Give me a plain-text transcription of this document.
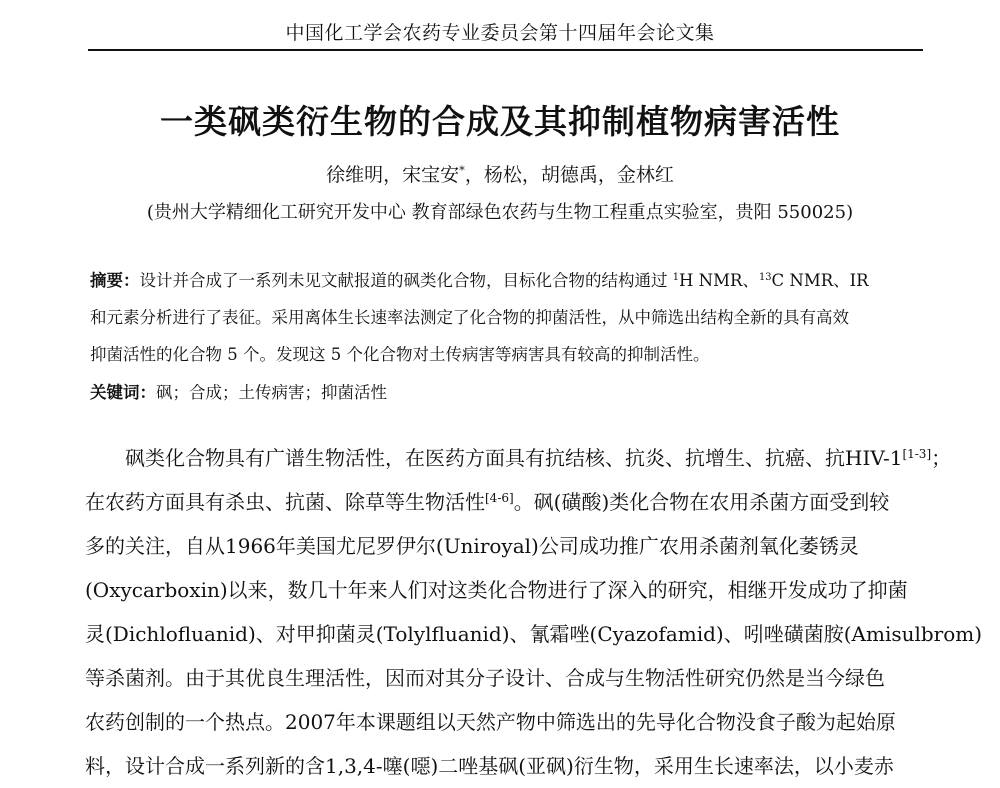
中国化工学会农药专业委员会第十四届年会论文集
一类砜类衍生物的合成及其抑制植物病害活性
徐维明，宋宝安*，杨松，胡德禹，金林红
(贵州大学精细化工研究开发中心 教育部绿色农药与生物工程重点实验室，贵阳 550025)
摘要：设计并合成了一系列未见文献报道的砜类化合物，目标化合物的结构通过 $^1$H NMR、$^{13}$C NMR、IR
和元素分析进行了表征。采用离体生长速率法测定了化合物的抑菌活性，从中筛选出结构全新的具有高效
抑菌活性的化合物 5 个。发现这 5 个化合物对土传病害等病害具有较高的抑制活性。
关键词：砜；合成；土传病害；抑菌活性
砜类化合物具有广谱生物活性，在医药方面具有抗结核、抗炎、抗增生、抗癌、抗HIV-1[1-3]；
在农药方面具有杀虫、抗菌、除草等生物活性[4-6]。砜(磺酸)类化合物在农用杀菌方面受到较
多的关注，自从1966年美国尤尼罗伊尔(Uniroyal)公司成功推广农用杀菌剂氧化萎锈灵
(Oxycarboxin)以来，数几十年来人们对这类化合物进行了深入的研究，相继开发成功了抑菌
灵(Dichlofluanid)、对甲抑菌灵(Tolylfluanid)、氰霜唑(Cyazofamid)、吲唑磺菌胺(Amisulbrom)
等杀菌剂。由于其优良生理活性，因而对其分子设计、合成与生物活性研究仍然是当今绿色
农药创制的一个热点。2007年本课题组以天然产物中筛选出的先导化合物没食子酸为起始原
料，设计合成一系列新的含1,3,4-噻(噁)二唑基砜(亚砜)衍生物，采用生长速率法，以小麦赤
